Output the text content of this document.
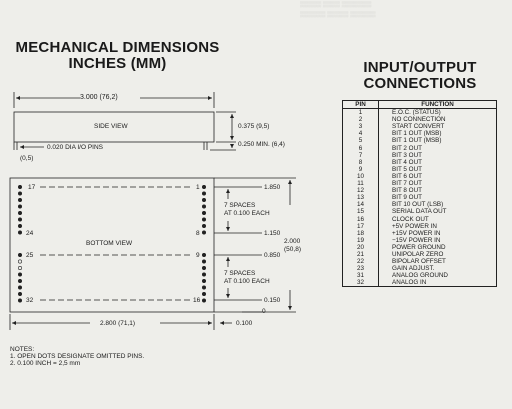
▒▒▒▒▒ ▒▒▒▒ ▒▒▒▒▒▒▒
▒▒▒▒▒▒ ▒▒▒▒▒ ▒▒▒▒▒▒
MECHANICAL DIMENSIONS
INCHES (MM)	INPUT/OUTPUT
CONNECTIONS
3.000 (76,2)
SIDE VIEW	0.375 (9,5)
0.250 MIN. (6,4)
0.020 DIA I/O PINS
(0,5)
17	1
24	8
BOTTOM VIEW
25	9
32	16
1.850
7 SPACES
AT 0.100 EACH
1.150
2.000
(50,8)
0.850
7 SPACES
AT 0.100 EACH
0.150
0
2.800 (71,1)	0.100
NOTES:
1. OPEN DOTS DESIGNATE OMITTED PINS.
2. 0.100 INCH = 2,5 mm
PIN	FUNCTION
1	E.O.C. (STATUS)
2	NO CONNECTION
3	START CONVERT
4	BIT 1 OUT (MSB)
5	BIT 1 OUT (MSB)
6	BIT 2 OUT
7	BIT 3 OUT
8	BIT 4 OUT
9	BIT 5 OUT
10	BIT 6 OUT
11	BIT 7 OUT
12	BIT 8 OUT
13	BIT 9 OUT
14	BIT 10 OUT (LSB)
15	SERIAL DATA OUT
16	CLOCK OUT
17	+5V POWER IN
18	+15V POWER IN
19	−15V POWER IN
20	POWER GROUND
21	UNIPOLAR ZERO
22	BIPOLAR OFFSET
23	GAIN ADJUST.
31	ANALOG GROUND
32	ANALOG IN
